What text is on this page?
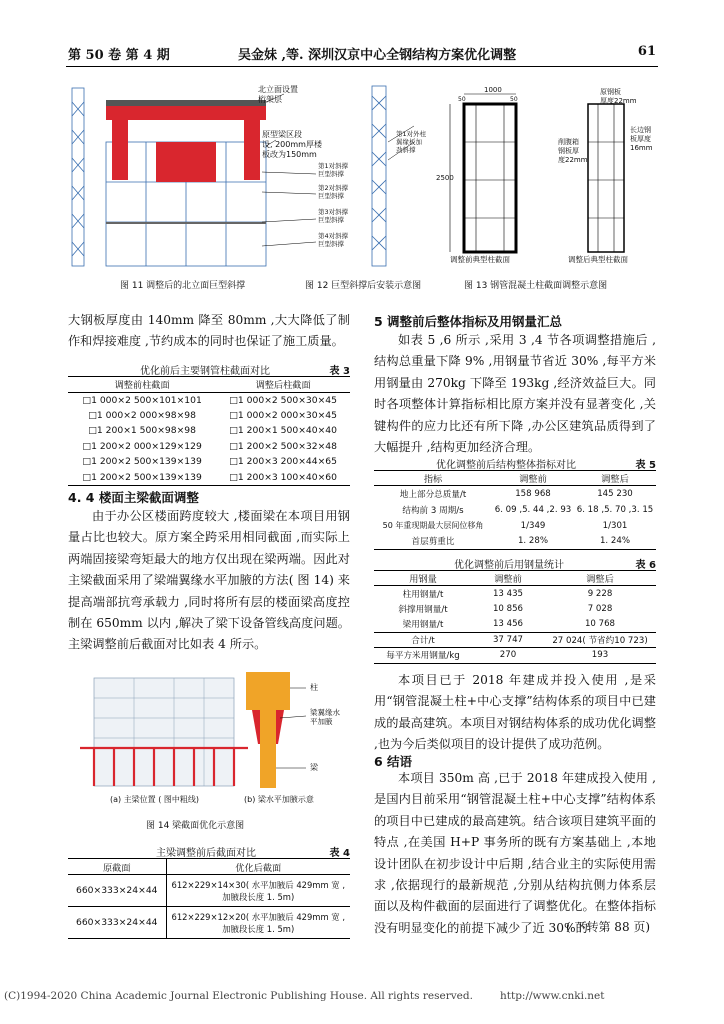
第 50 卷 第 4 期	吴金妹 ,等. 深圳汉京中心全钢结构方案优化调整	61
北立面设置
桁架层
原型梁区段
设, 200mm厚楼
板改为150mm
第1对斜撑
巨型斜撑
第2对斜撑
巨型斜撑
第3对斜撑
巨型斜撑
第4对斜撑
巨型斜撑
第1对外柱
翼缘板加
劲斜撑
1000
50	50
2500
原钢板
厚度22mm
削腹箱
钢板厚
度22mm
长边钢
板厚度
16mm
调整前典型柱截面	调整后典型柱截面
图 11 调整后的北立面巨型斜撑	图 12 巨型斜撑后安装示意图	图 13 钢管混凝土柱截面调整示意图
大钢板厚度由 140mm 降至 80mm ,大大降低了制作和焊接难度 ,节约成本的同时也保证了施工质量。
优化前后主要钢管柱截面对比	表 3
调整前柱截面	调整后柱截面
□1 000×2 500×101×101	□1 000×2 500×30×45
□1 000×2 000×98×98	□1 000×2 000×30×45
□1 200×1 500×98×98	□1 200×1 500×40×40
□1 200×2 000×129×129	□1 200×2 500×32×48
□1 200×2 500×139×139	□1 200×3 200×44×65
□1 200×2 500×139×139	□1 200×3 100×40×60
4. 4 楼面主梁截面调整
由于办公区楼面跨度较大 ,楼面梁在本项目用钢量占比也较大。原方案全跨采用相同截面 ,而实际上两端固接梁弯矩最大的地方仅出现在梁两端。因此对主梁截面采用了梁端翼缘水平加腋的方法( 图 14) 来提高端部抗弯承载力 ,同时将所有层的楼面梁高度控制在 650mm 以内 ,解决了梁下设备管线高度问题。主梁调整前后截面对比如表 4 所示。
柱
梁翼缘水
平加腋
梁
(a) 主梁位置 ( 图中粗线)	(b) 梁水平加腋示意
图 14 梁截面优化示意图
主梁调整前后截面对比	表 4
原截面	优化后截面
660×333×24×44	612×229×14×30( 水平加腋后 429mm 宽 ,
加腋段长度 1. 5m)
660×333×24×44	612×229×12×20( 水平加腋后 429mm 宽 ,
加腋段长度 1. 5m)
5 调整前后整体指标及用钢量汇总
如表 5 ,6 所示 ,采用 3 ,4 节各项调整措施后 ,结构总重量下降 9% ,用钢量节省近 30% ,每平方米用钢量由 270kg 下降至 193kg ,经济效益巨大。同时各项整体计算指标相比原方案并没有显著变化 ,关键构件的应力比还有所下降 ,办公区建筑品质得到了大幅提升 ,结构更加经济合理。
优化调整前后结构整体指标对比	表 5
指标	调整前	调整后
地上部分总质量/t	158 968	145 230
结构前 3 周期/s	6. 09 ,5. 44 ,2. 93	6. 18 ,5. 70 ,3. 15
50 年重现期最大层间位移角	1/349	1/301
首层剪重比	1. 28%	1. 24%
优化调整前后用钢量统计	表 6
用钢量	调整前	调整后
柱用钢量/t	13 435	9 228
斜撑用钢量/t	10 856	7 028
梁用钢量/t	13 456	10 768
合计/t	37 747	27 024( 节省约10 723)
每平方米用钢量/kg	270	193
本项目已于 2018 年建成并投入使用 ,是采用“钢管混凝土柱+中心支撑”结构体系的项目中已建成的最高建筑。本项目对钢结构体系的成功优化调整 ,也为今后类似项目的设计提供了成功范例。
6 结语
本项目 350m 高 ,已于 2018 年建成投入使用 ,是国内目前采用“钢管混凝土柱+中心支撑”结构体系的项目中已建成的最高建筑。结合该项目建筑平面的特点 ,在美国 H+P 事务所的既有方案基础上 ,本地设计团队在初步设计中后期 ,结合业主的实际使用需求 ,依据现行的最新规范 ,分别从结构抗侧力体系层面以及构件截面的层面进行了调整优化。在整体指标没有明显变化的前提下减少了近 30%的
( 下转第 88 页)
(C)1994-2020 China Academic Journal Electronic Publishing House. All rights reserved.	http://www.cnki.net
